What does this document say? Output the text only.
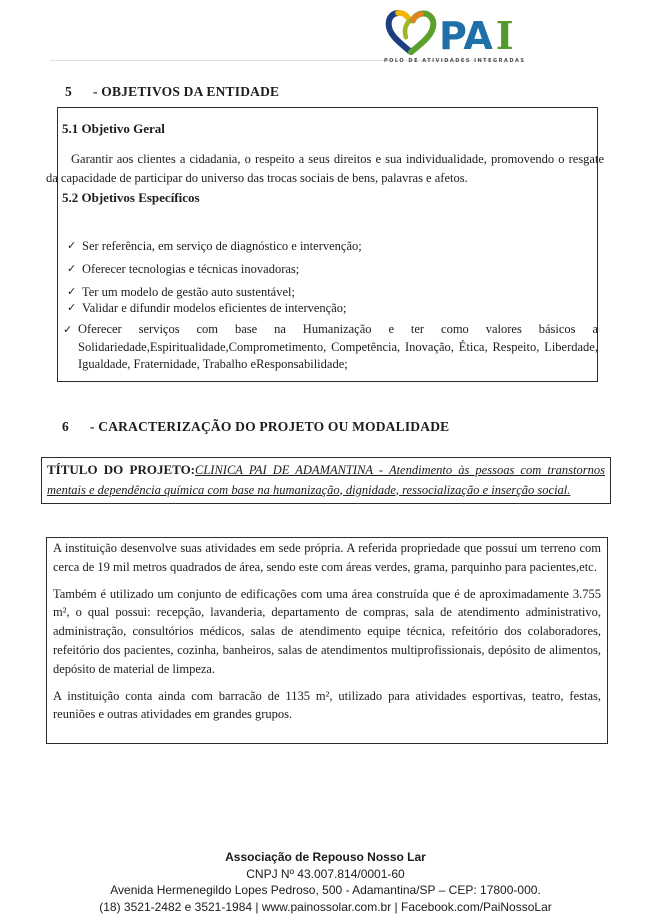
PA I
POLO DE ATIVIDADES INTEGRADAS
5 - OBJETIVOS DA ENTIDADE

5.1 Objetivo Geral

Garantir aos clientes a cidadania, o respeito a seus direitos e sua individualidade, promovendo o resgate da capacidade de participar do universo das trocas sociais de bens, palavras e afetos.

5.2 Objetivos Específicos

✓ Ser referência, em serviço de diagnóstico e intervenção;
✓ Oferecer tecnologias e técnicas inovadoras;
✓ Ter um modelo de gestão auto sustentável;
✓ Validar e difundir modelos eficientes de intervenção;
✓ Oferecer serviços com base na Humanização e ter como valores básicos a Solidariedade,Espiritualidade,Comprometimento, Competência, Inovação, Ética, Respeito, Liberdade, Igualdade, Fraternidade, Trabalho eResponsabilidade;
6 - CARACTERIZAÇÃO DO PROJETO OU MODALIDADE

TÍTULO DO PROJETO:CLINICA PAI DE ADAMANTINA - Atendimento às pessoas com transtornos mentais e dependência química com base na humanização, dignidade, ressocialização e inserção social.

A instituição desenvolve suas atividades em sede própria. A referida propriedade que possui um terreno com cerca de 19 mil metros quadrados de área, sendo este com áreas verdes, grama, parquinho para pacientes,etc.

Também é utilizado um conjunto de edificações com uma área construída que é de aproximadamente 3.755 m², o qual possui: recepção, lavanderia, departamento de compras, sala de atendimento administrativo, administração, consultórios médicos, salas de atendimento equipe técnica, refeitório dos colaboradores, refeitório dos pacientes, cozinha, banheiros, salas de atendimentos multiprofissionais, depósito de alimentos, depósito de material de limpeza.

A instituição conta ainda com barracão de 1135 m², utilizado para atividades esportivas, teatro, festas, reuniões e outras atividades em grandes grupos.

Associação de Repouso Nosso Lar
CNPJ Nº 43.007.814/0001-60
Avenida Hermenegildo Lopes Pedroso, 500 - Adamantina/SP – CEP: 17800-000.
(18) 3521-2482 e 3521-1984 | www.painossolar.com.br | Facebook.com/PaiNossoLar
